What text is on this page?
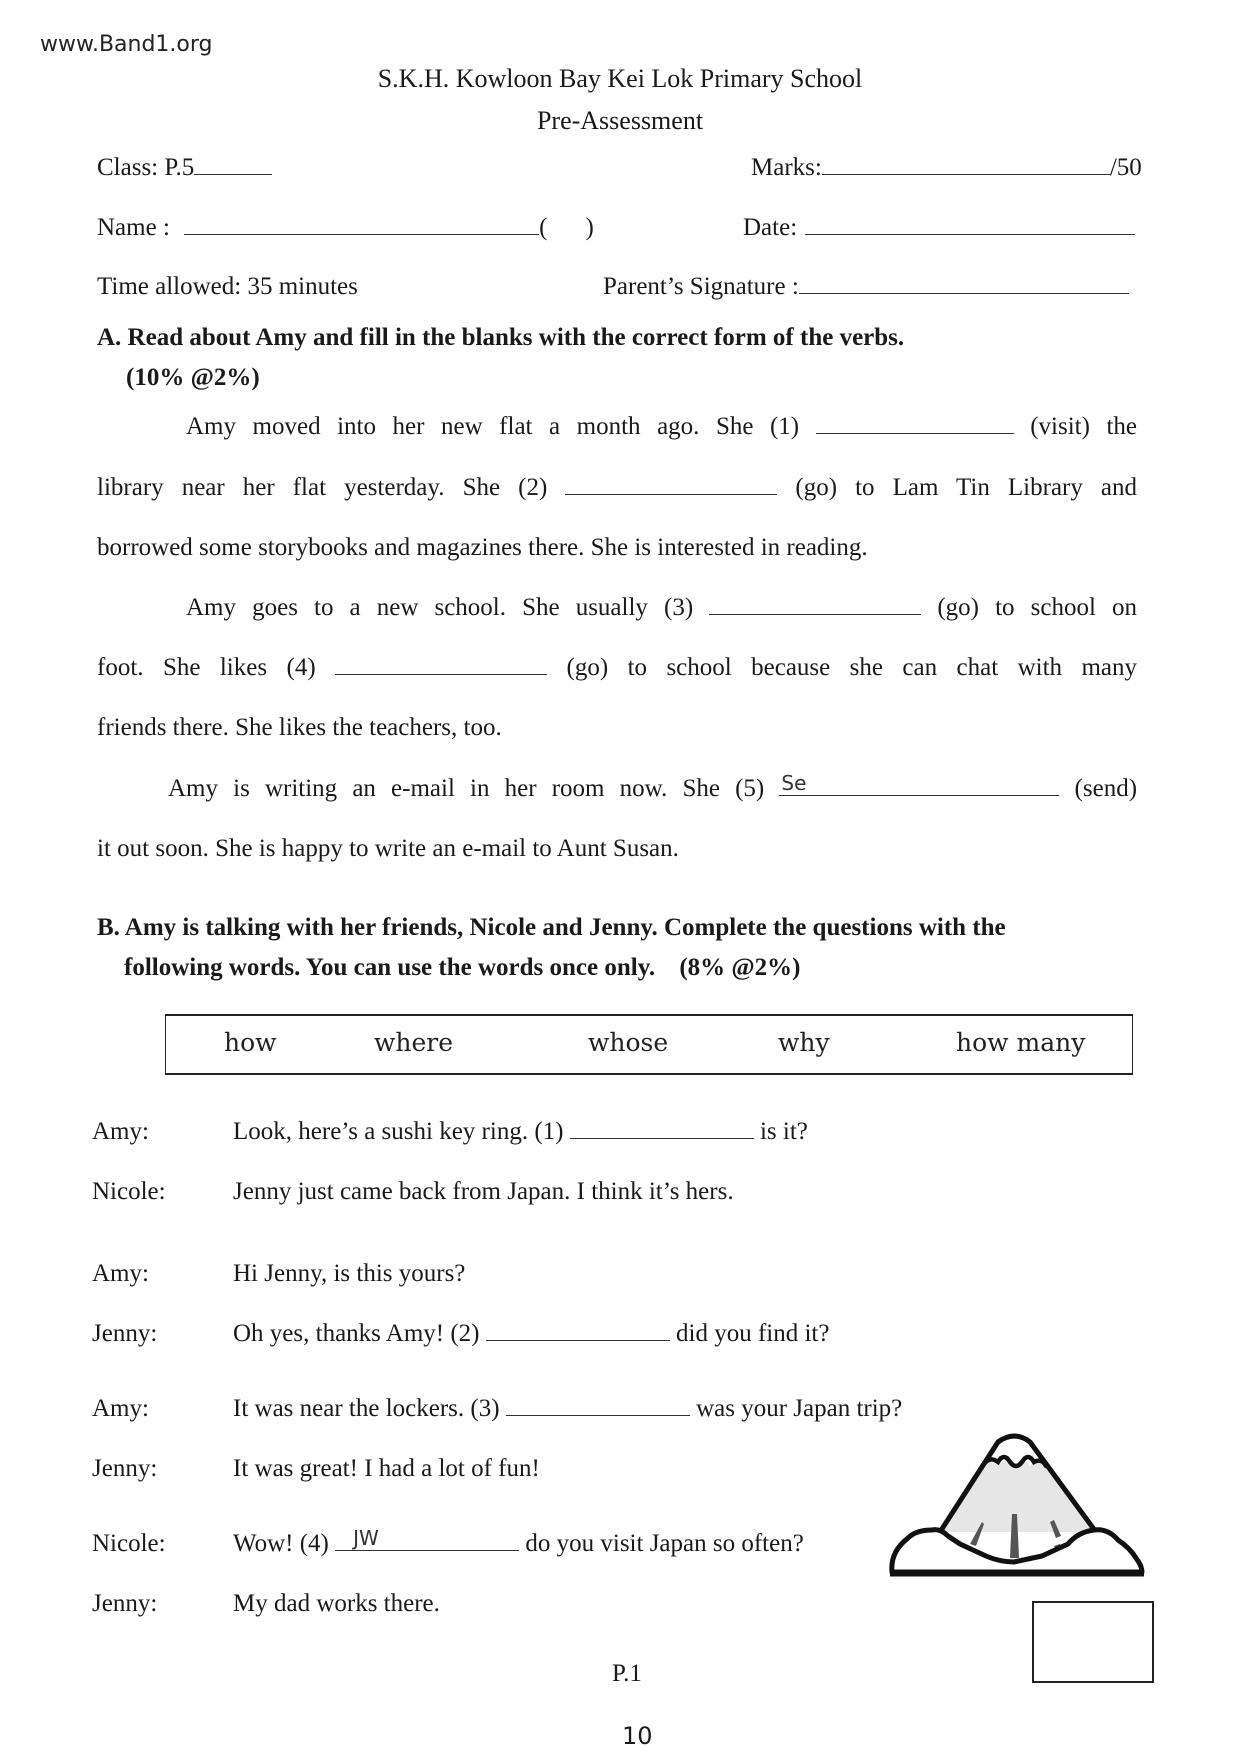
www.Band1.org
S.K.H. Kowloon Bay Kei Lok Primary School
Pre-Assessment
Class: P.5	Marks:	/50
Name :	( )	Date:
Time allowed: 35 minutes	Parent’s Signature :
A. Read about Amy and fill in the blanks with the correct form of the verbs.
(10% @2%)
Amy moved into her new flat a month ago. She (1)	(visit) the
library near her flat yesterday. She (2)	(go) to Lam Tin Library and
borrowed some storybooks and magazines there. She is interested in reading.
Amy goes to a new school. She usually (3)	(go) to school on
foot. She likes (4)	(go) to school because she can chat with many
friends there. She likes the teachers, too.
Amy is writing an e-mail in her room now. She (5) Se	(send)
it out soon. She is happy to write an e-mail to Aunt Susan.
B. Amy is talking with her friends, Nicole and Jenny. Complete the questions with the
following words. You can use the words once only. (8% @2%)
how	where	whose	why	how many
Amy:	Look, here’s a sushi key ring. (1)	is it?
Nicole:	Jenny just came back from Japan. I think it’s hers.
Amy:	Hi Jenny, is this yours?
Jenny:	Oh yes, thanks Amy! (2)	did you find it?
Amy:	It was near the lockers. (3)	was your Japan trip?
Jenny:	It was great! I had a lot of fun!
Nicole:	Wow! (4) JW	do you visit Japan so often?
Jenny:	My dad works there.
P.1
10
